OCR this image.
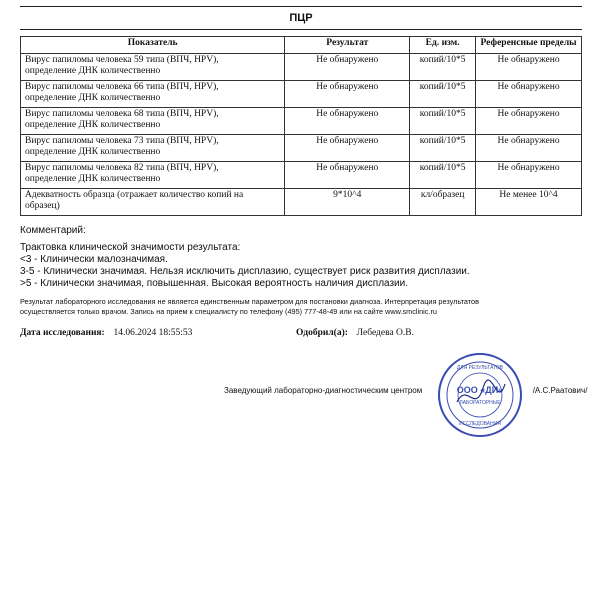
ПЦР
Показатель	Результат	Ед. изм.	Референсные пределы

Вирус папиломы человека 59 типа (ВПЧ, HPV),
определение ДНК количественно	Не обнаружено	копий/10*5	Не обнаружено

Вирус папиломы человека 66 типа (ВПЧ, HPV),
определение ДНК количественно	Не обнаружено	копий/10*5	Не обнаружено

Вирус папиломы человека 68 типа (ВПЧ, HPV),
определение ДНК количественно	Не обнаружено	копий/10*5	Не обнаружено

Вирус папиломы человека 73 типа (ВПЧ, HPV),
определение ДНК количественно	Не обнаружено	копий/10*5	Не обнаружено

Вирус папиломы человека 82 типа (ВПЧ, HPV),
определение ДНК количественно	Не обнаружено	копий/10*5	Не обнаружено

Адекватность образца (отражает количество копий на
образец)	9*10^4	кл/образец	Не менее 10^4
Комментарий:
Трактовка клинической значимости результата:
<3 - Клинически малозначимая.
3-5 - Клинически значимая. Нельзя исключить дисплазию, существует риск развития дисплазии.
>5 - Клинически значимая, повышенная. Высокая вероятность наличия дисплазии.
Результат лабораторного исследования не является единственным параметром для постановки диагноза. Интерпретация результатов
осуществляется только врачом. Запись на прием к специалисту по телефону (495) 777-48-49 или на сайте www.smclinic.ru
Дата исследования: 14.06.2024 18:55:53	Одобрил(а): Лебедева О.В.
Заведующий лабораторно-диагностическим центром	/А.С.Раатович/
ДЛЯ РЕЗУЛЬТАТОВ
ООО «ДИ»
ЛАБОРАТОРНЫЕ
ИССЛЕДОВАНИЯ
